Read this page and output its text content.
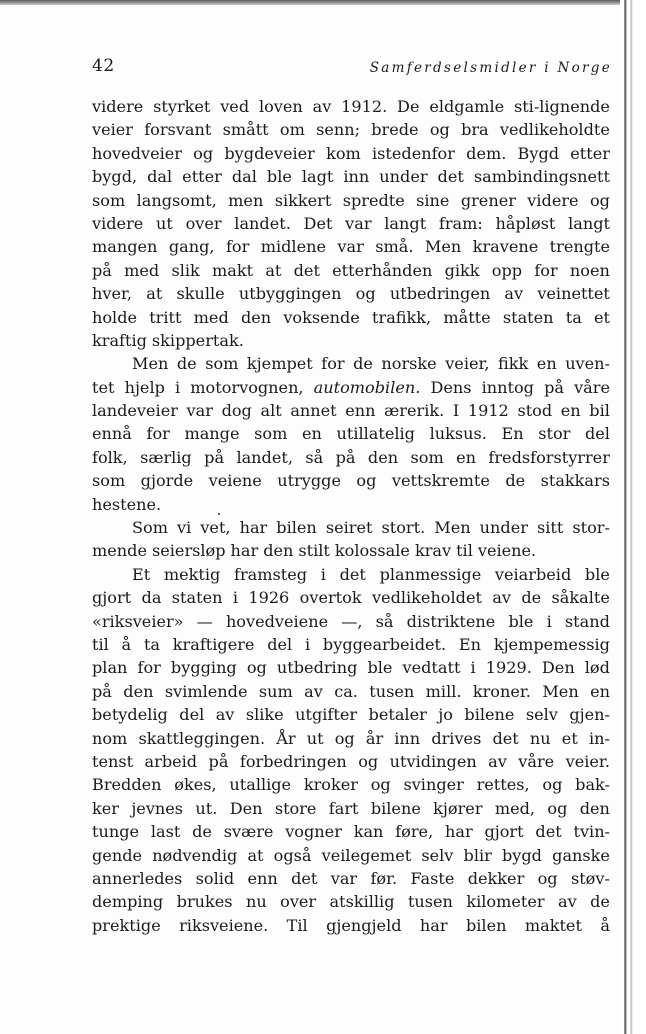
42	Samferdselsmidler i Norge
videre styrket ved loven av 1912. De eldgamle sti-lignende
veier forsvant smått om senn; brede og bra vedlikeholdte
hovedveier og bygdeveier kom istedenfor dem. Bygd etter
bygd, dal etter dal ble lagt inn under det sambindingsnett
som langsomt, men sikkert spredte sine grener videre og
videre ut over landet. Det var langt fram: håpløst langt
mangen gang, for midlene var små. Men kravene trengte
på med slik makt at det etterhånden gikk opp for noen
hver, at skulle utbyggingen og utbedringen av veinettet
holde tritt med den voksende trafikk, måtte staten ta et
kraftig skippertak.
Men de som kjempet for de norske veier, fikk en uven-
tet hjelp i motorvognen, automobilen. Dens inntog på våre
landeveier var dog alt annet enn ærerik. I 1912 stod en bil
ennå for mange som en utillatelig luksus. En stor del
folk, særlig på landet, så på den som en fredsforstyrrer
som gjorde veiene utrygge og vettskremte de stakkars
hestene.
Som vi vet, har bilen seiret stort. Men under sitt stor-
mende seiersløp har den stilt kolossale krav til veiene.
Et mektig framsteg i det planmessige veiarbeid ble
gjort da staten i 1926 overtok vedlikeholdet av de såkalte
«riksveier» — hovedveiene —, så distriktene ble i stand
til å ta kraftigere del i byggearbeidet. En kjempemessig
plan for bygging og utbedring ble vedtatt i 1929. Den lød
på den svimlende sum av ca. tusen mill. kroner. Men en
betydelig del av slike utgifter betaler jo bilene selv gjen-
nom skattleggingen. År ut og år inn drives det nu et in-
tenst arbeid på forbedringen og utvidingen av våre veier.
Bredden økes, utallige kroker og svinger rettes, og bak-
ker jevnes ut. Den store fart bilene kjører med, og den
tunge last de svære vogner kan føre, har gjort det tvin-
gende nødvendig at også veilegemet selv blir bygd ganske
annerledes solid enn det var før. Faste dekker og støv-
demping brukes nu over atskillig tusen kilometer av de
prektige riksveiene. Til gjengjeld har bilen maktet å
